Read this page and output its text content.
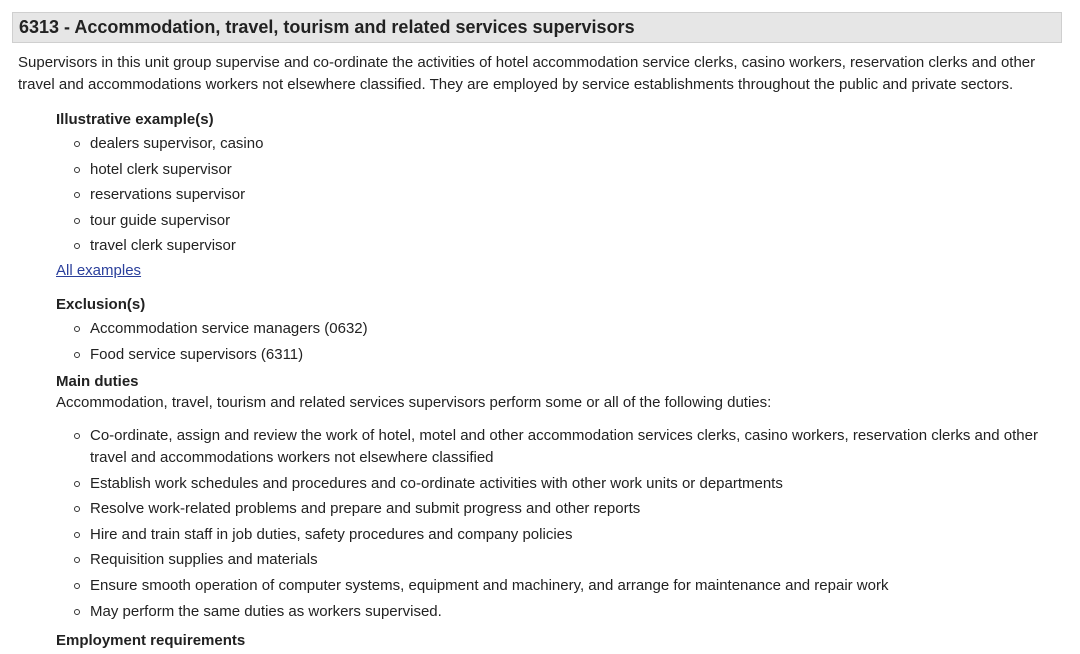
6313 - Accommodation, travel, tourism and related services supervisors

Supervisors in this unit group supervise and co-ordinate the activities of hotel accommodation service clerks, casino workers, reservation clerks and other travel and accommodations workers not elsewhere classified. They are employed by service establishments throughout the public and private sectors.

Illustrative example(s)
dealers supervisor, casino
hotel clerk supervisor
reservations supervisor
tour guide supervisor
travel clerk supervisor
All examples
Exclusion(s)
Accommodation service managers (0632)
Food service supervisors (6311)
Main duties

Accommodation, travel, tourism and related services supervisors perform some or all of the following duties:

Co-ordinate, assign and review the work of hotel, motel and other accommodation services clerks, casino workers, reservation clerks and other travel and accommodations workers not elsewhere classified
Establish work schedules and procedures and co-ordinate activities with other work units or departments
Resolve work-related problems and prepare and submit progress and other reports
Hire and train staff in job duties, safety procedures and company policies
Requisition supplies and materials
Ensure smooth operation of computer systems, equipment and machinery, and arrange for maintenance and repair work
May perform the same duties as workers supervised.
Employment requirements
